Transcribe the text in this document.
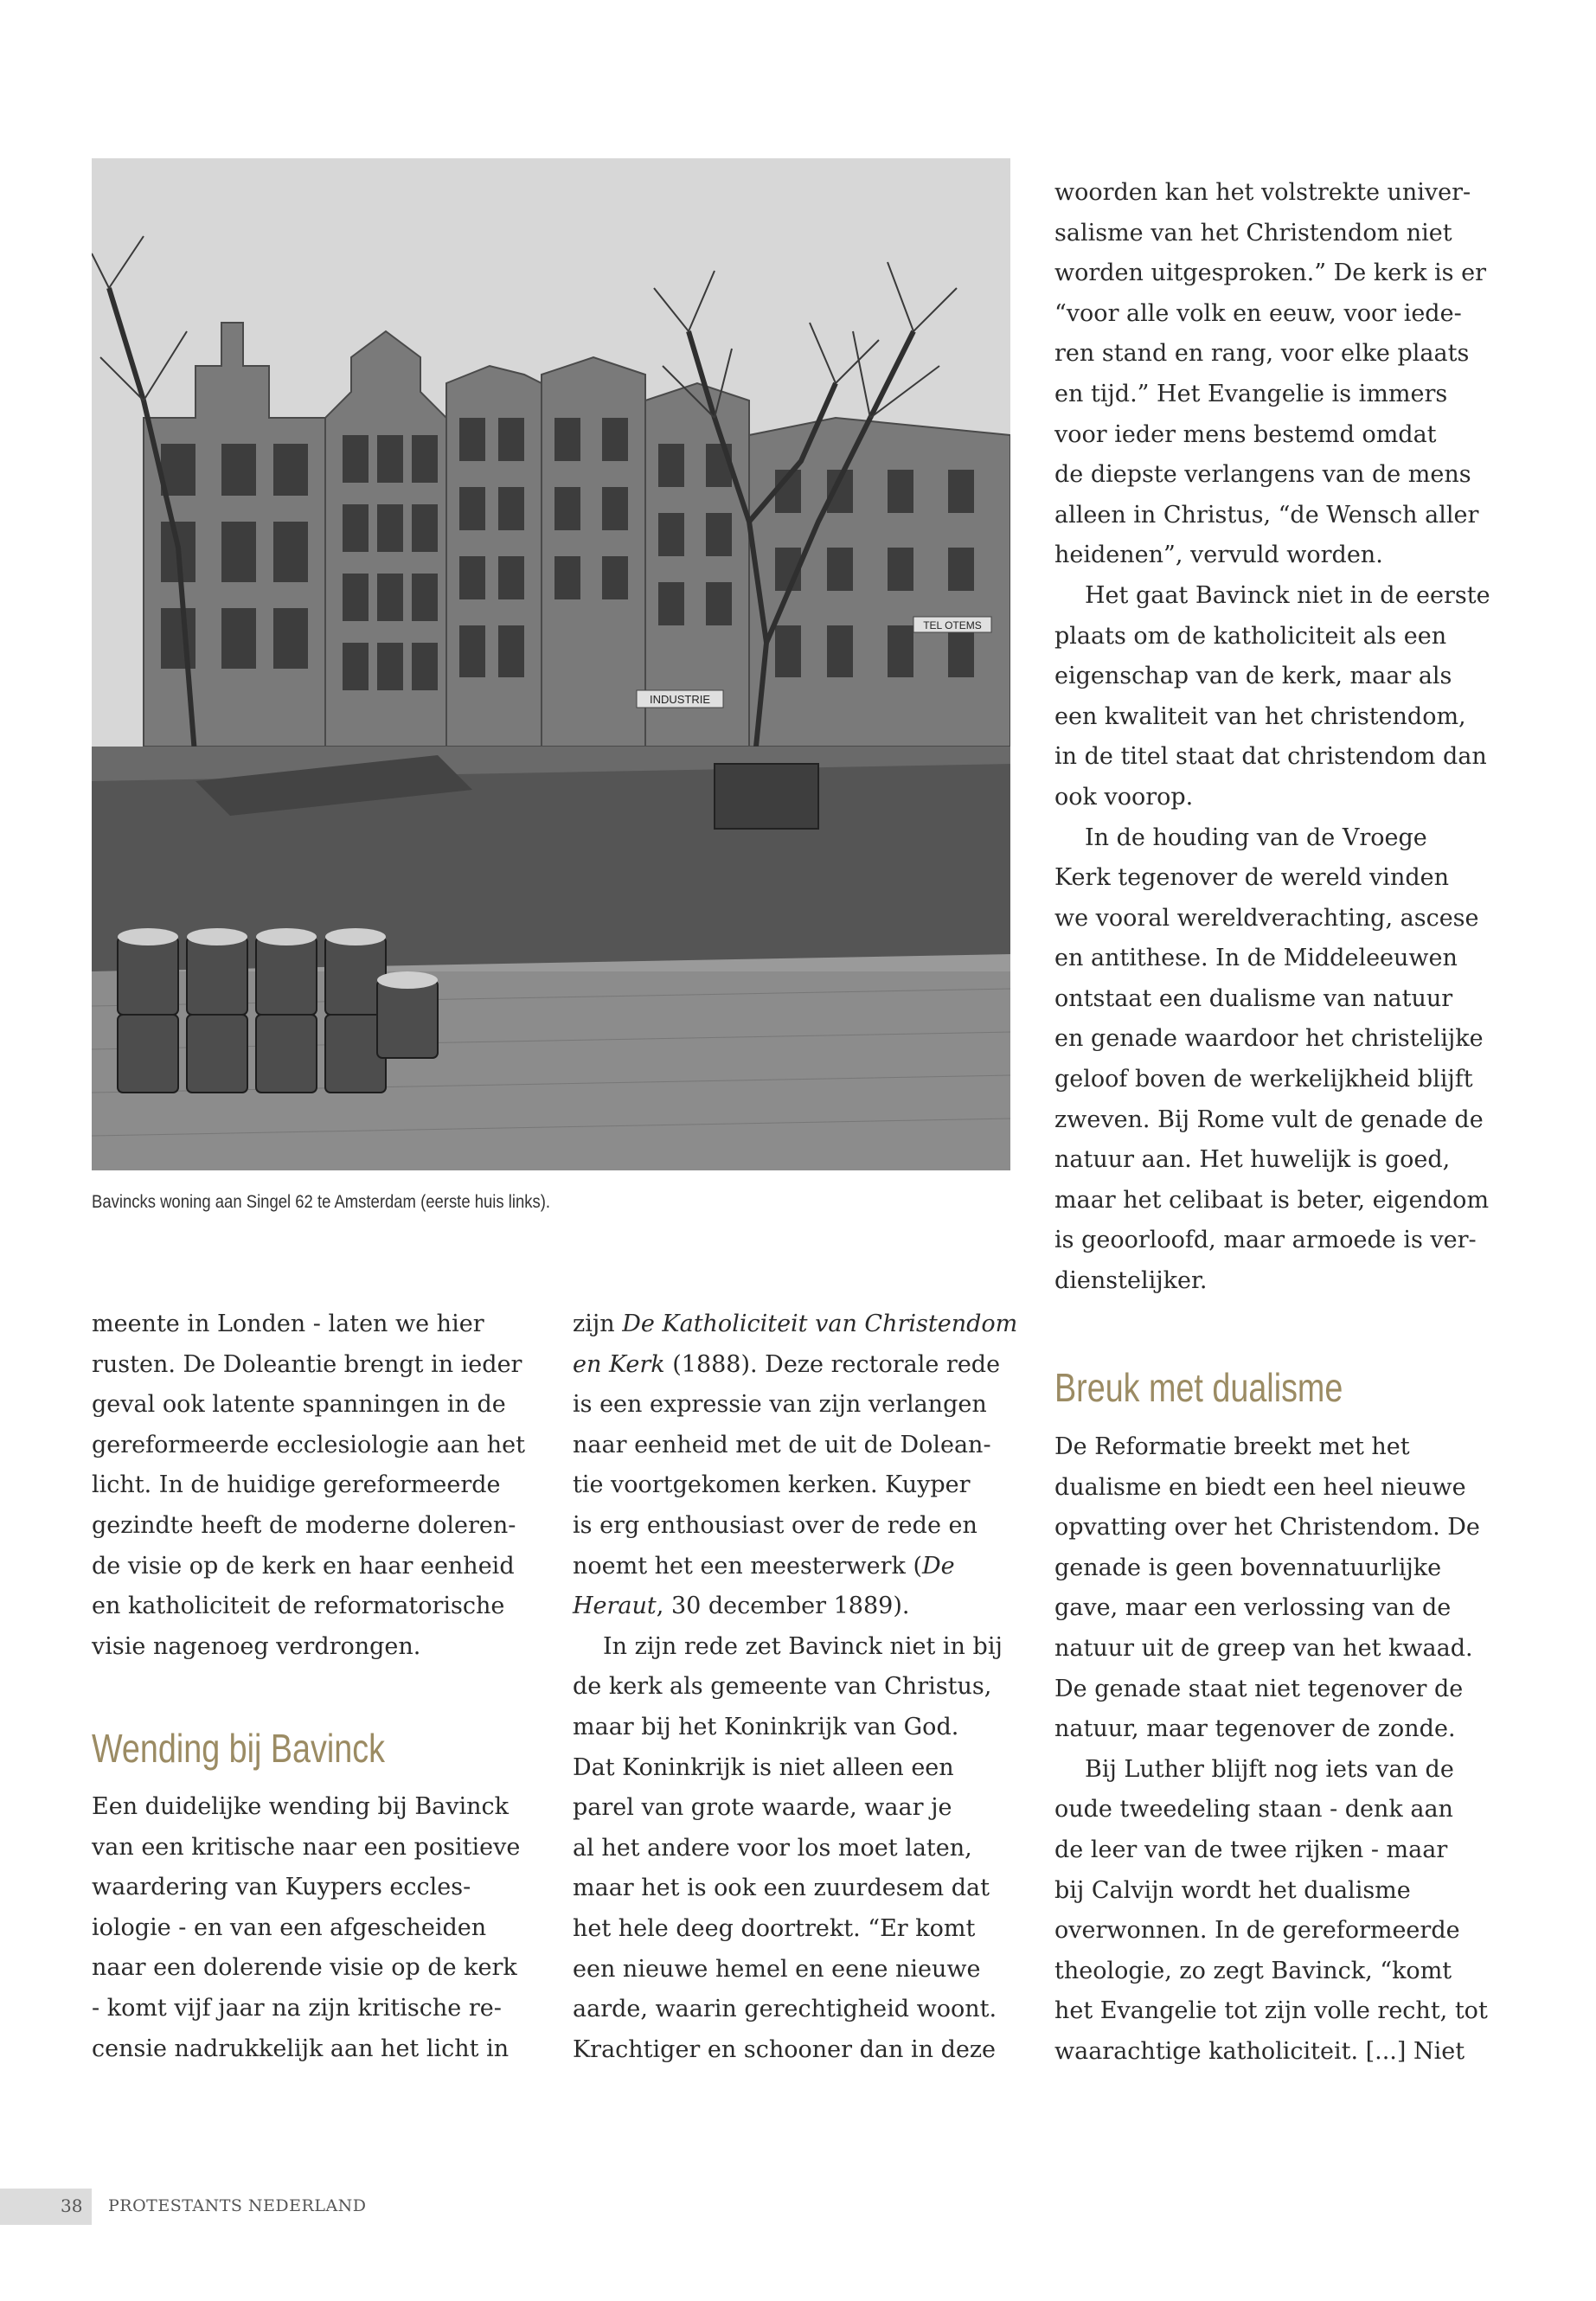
INDUSTRIE
TEL OTEMS
Bavincks woning aan Singel 62 te Amsterdam (eerste huis links).

meente in Londen - laten we hier
rusten. De Doleantie brengt in ieder
geval ook latente spanningen in de
gereformeerde ecclesiologie aan het
licht. In de huidige gereformeerde
gezindte heeft de moderne doleren-
de visie op de kerk en haar eenheid
en katholiciteit de reformatorische
visie nagenoeg verdrongen.

Wending bij Bavinck

Een duidelijke wending bij Bavinck
van een kritische naar een positieve
waardering van Kuypers eccles-
iologie - en van een afgescheiden
naar een dolerende visie op de kerk
- komt vijf jaar na zijn kritische re-
censie nadrukkelijk aan het licht in

zijn De Katholiciteit van Christendom
en Kerk (1888). Deze rectorale rede
is een expressie van zijn verlangen
naar eenheid met de uit de Dolean-
tie voortgekomen kerken. Kuyper
is erg enthousiast over de rede en
noemt het een meesterwerk (De
Heraut, 30 december 1889).

In zijn rede zet Bavinck niet in bij
de kerk als gemeente van Christus,
maar bij het Koninkrijk van God.
Dat Koninkrijk is niet alleen een
parel van grote waarde, waar je
al het andere voor los moet laten,
maar het is ook een zuurdesem dat
het hele deeg doortrekt. “Er komt
een nieuwe hemel en eene nieuwe
aarde, waarin gerechtigheid woont.
Krachtiger en schooner dan in deze

woorden kan het volstrekte univer-
salisme van het Christendom niet
worden uitgesproken.” De kerk is er
“voor alle volk en eeuw, voor iede-
ren stand en rang, voor elke plaats
en tijd.” Het Evangelie is immers
voor ieder mens bestemd omdat
de diepste verlangens van de mens
alleen in Christus, “de Wensch aller
heidenen”, vervuld worden.

Het gaat Bavinck niet in de eerste
plaats om de katholiciteit als een
eigenschap van de kerk, maar als
een kwaliteit van het christendom,
in de titel staat dat christendom dan
ook voorop.

In de houding van de Vroege
Kerk tegenover de wereld vinden
we vooral wereldverachting, ascese
en antithese. In de Middeleeuwen
ontstaat een dualisme van natuur
en genade waardoor het christelijke
geloof boven de werkelijkheid blijft
zweven. Bij Rome vult de genade de
natuur aan. Het huwelijk is goed,
maar het celibaat is beter, eigendom
is geoorloofd, maar armoede is ver-
dienstelijker.

Breuk met dualisme

De Reformatie breekt met het
dualisme en biedt een heel nieuwe
opvatting over het Christendom. De
genade is geen bovennatuurlijke
gave, maar een verlossing van de
natuur uit de greep van het kwaad.
De genade staat niet tegenover de
natuur, maar tegenover de zonde.

Bij Luther blijft nog iets van de
oude tweedeling staan - denk aan
de leer van de twee rijken - maar
bij Calvijn wordt het dualisme
overwonnen. In de gereformeerde
theologie, zo zegt Bavinck, “komt
het Evangelie tot zijn volle recht, tot
waarachtige katholiciteit. [...] Niet

38 PROTESTANTS NEDERLAND
